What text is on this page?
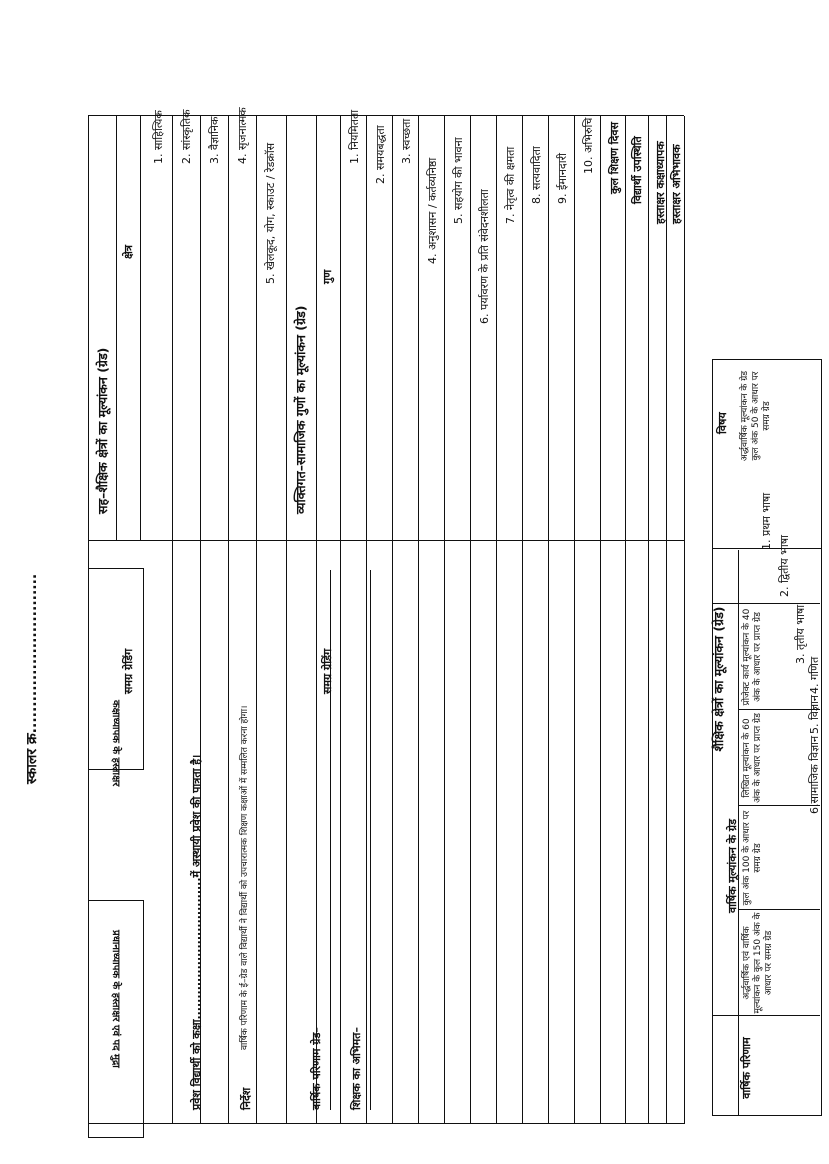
स्कालर क्र..............................
सह–शैक्षिक क्षेत्रों का मूल्यांकन (ग्रेड)
क्षेत्र
समग्र ग्रेडिंग
1. साहित्यिक 2. सांस्कृतिक 3. वैज्ञानिक 4. सृजनात्मक
5. खेलकूद, योग, स्काउट / रेडक्रॉस
व्यक्तिगत–सामाजिक गुणों का मूल्यांकन (ग्रेड)
गुण
समग्र ग्रेडिंग
1. नियमितता 2. समयबद्धता 3. स्वच्छता
4. अनुशासन / कर्तव्यनिष्ठा 5. सहयोग की भावना
6. पर्यावरण के प्रति संवेदनशीलता
7. नेतृत्व की क्षमता 8. सत्यवादिता 9. ईमानदारी
10. अभिरुचि कुल शिक्षण दिवस विद्यार्थी उपस्थिति हस्ताक्षर कक्षाध्यापक हस्ताक्षर अभिभावक
शैक्षिक क्षेत्रों का मूल्यांकन (ग्रेड)
वार्षिक परिणाम
वार्षिक मूल्यांकन के ग्रेड
अर्द्धवार्षिक एवं वार्षिक मूल्यांकन के कुल 150 अंक के आधार पर समग्र ग्रेड
कुल अंक 100 के आधार पर समग्र ग्रेड
लिखित मूल्यांकन के 60 अंक के आधार पर प्राप्त ग्रेड
प्रोजेक्ट कार्य मूल्यांकन के 40 अंक के आधार पर प्राप्त ग्रेड
विषय अर्द्धवार्षिक मूल्यांकन के ग्रेड कुल अंक 50 के आधार पर समग्र ग्रेड
1. प्रथम भाषा
2. द्वितीय भाषा
3. तृतीय भाषा
4. गणित
5. विज्ञान
6.सामाजिक विज्ञान
शिक्षक का अभिमत–
वार्षिक परिणाम ग्रेड–
निर्देश
वार्षिक परिणाम के ई–ग्रेड वाले विद्यार्थी ने विद्यार्थी को उपचारात्मक शिक्षण कक्षाओं में सम्मलित करना होगा।
प्रवेश विद्यार्थी को कक्षा..................................में अस्थायी प्रवेश की पात्रता है।
कक्षाध्यापक के हस्ताक्षर
प्रधानाध्यापक के हस्ताक्षर एवं पद मुद्रा
